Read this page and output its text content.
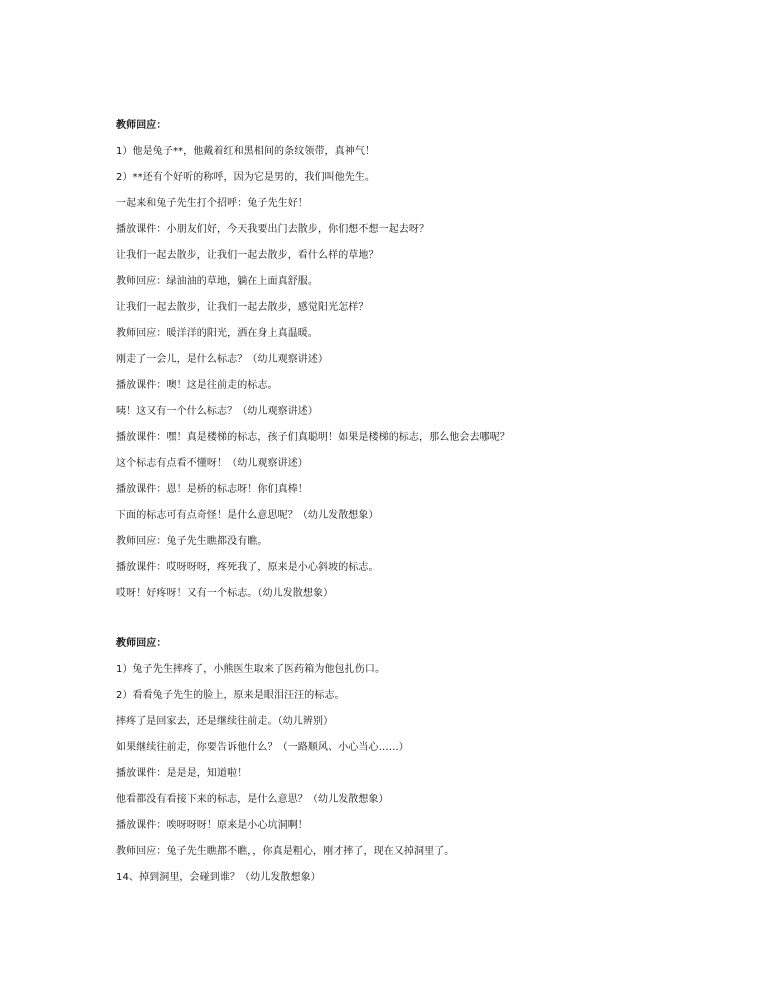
教师回应：

1）他是兔子**，他戴着红和黑相间的条纹领带，真神气！

2）**还有个好听的称呼，因为它是男的，我们叫他先生。

一起来和兔子先生打个招呼：兔子先生好！

播放课件：小朋友们好，今天我要出门去散步，你们想不想一起去呀？

让我们一起去散步，让我们一起去散步，看什么样的草地？

教师回应：绿油油的草地，躺在上面真舒服。

让我们一起去散步，让我们一起去散步，感觉阳光怎样？

教师回应：暖洋洋的阳光，洒在身上真温暖。

刚走了一会儿，是什么标志？（幼儿观察讲述）

播放课件：噢！这是往前走的标志。

咦！这又有一个什么标志？（幼儿观察讲述）

播放课件：嘿！真是楼梯的标志，孩子们真聪明！如果是楼梯的标志，那么他会去哪呢？

这个标志有点看不懂呀！（幼儿观察讲述）

播放课件：恩！是桥的标志呀！你们真棒！

下面的标志可有点奇怪！是什么意思呢？（幼儿发散想象）

教师回应：兔子先生瞧都没有瞧。

播放课件：哎呀呀呀，疼死我了，原来是小心斜坡的标志。

哎呀！好疼呀！又有一个标志。（幼儿发散想象）

教师回应：

1）兔子先生摔疼了，小熊医生取来了医药箱为他包扎伤口。

2）看看兔子先生的脸上，原来是眼泪汪汪的标志。

摔疼了是回家去，还是继续往前走。（幼儿辨别）

如果继续往前走，你要告诉他什么？（一路顺风、小心当心……）

播放课件：是是是，知道啦！

他看都没有看接下来的标志，是什么意思？（幼儿发散想象）

播放课件：唉呀呀呀！原来是小心坑洞啊！

教师回应：兔子先生瞧都不瞧，，你真是粗心，刚才摔了，现在又掉洞里了。

14、掉到洞里，会碰到谁？（幼儿发散想象）
